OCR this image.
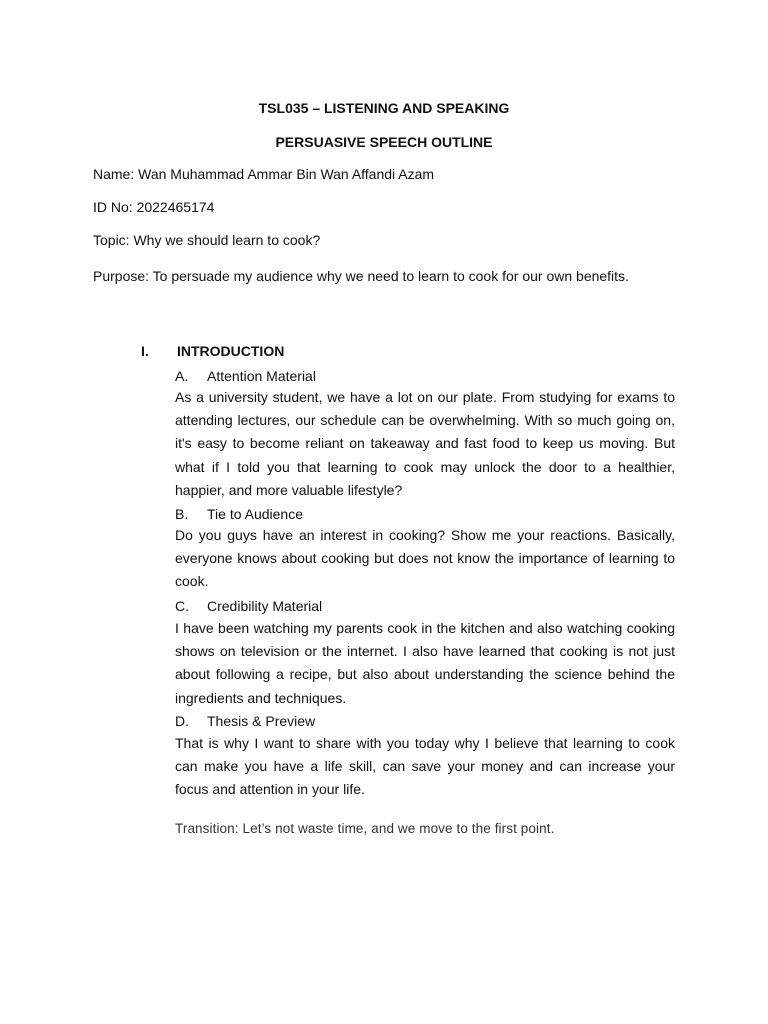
TSL035 – LISTENING AND SPEAKING
PERSUASIVE SPEECH OUTLINE
Name: Wan Muhammad Ammar Bin Wan Affandi Azam
ID No: 2022465174
Topic: Why we should learn to cook?
Purpose: To persuade my audience why we need to learn to cook for our own benefits.
I. INTRODUCTION
A. Attention Material

As a university student, we have a lot on our plate. From studying for exams to attending lectures, our schedule can be overwhelming. With so much going on, it's easy to become reliant on takeaway and fast food to keep us moving. But what if I told you that learning to cook may unlock the door to a healthier, happier, and more valuable lifestyle?

B. Tie to Audience

Do you guys have an interest in cooking? Show me your reactions. Basically, everyone knows about cooking but does not know the importance of learning to cook.

C. Credibility Material

I have been watching my parents cook in the kitchen and also watching cooking shows on television or the internet. I also have learned that cooking is not just about following a recipe, but also about understanding the science behind the ingredients and techniques.

D. Thesis & Preview

That is why I want to share with you today why I believe that learning to cook can make you have a life skill, can save your money and can increase your focus and attention in your life.

Transition: Let’s not waste time, and we move to the first point.
